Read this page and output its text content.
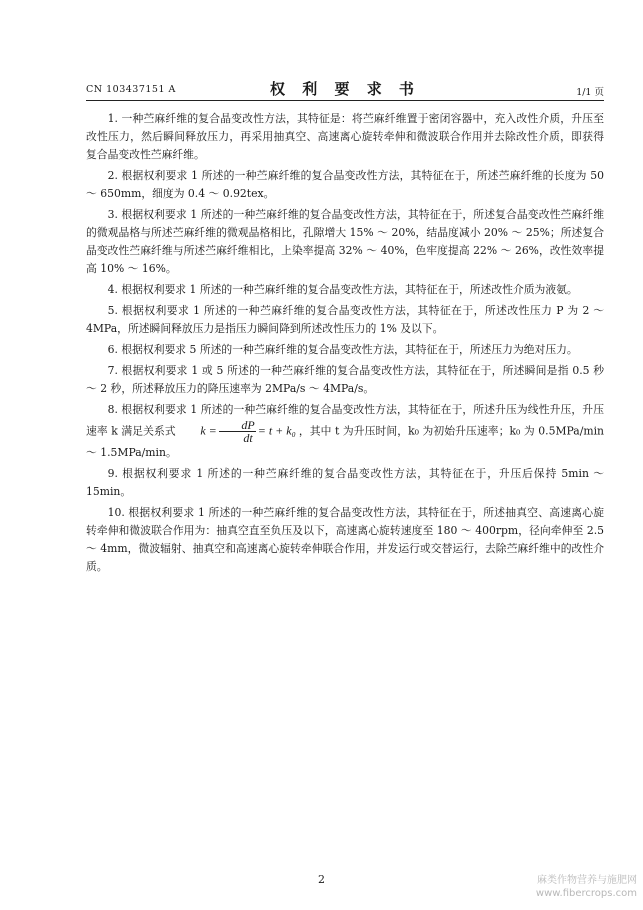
CN 103437151 A	权 利 要 求 书	1/1 页

1. 一种苎麻纤维的复合晶变改性方法，其特征是：将苎麻纤维置于密闭容器中，充入改性介质，升压至改性压力，然后瞬间释放压力，再采用抽真空、高速离心旋转牵伸和微波联合作用并去除改性介质，即获得复合晶变改性苎麻纤维。

2. 根据权利要求 1 所述的一种苎麻纤维的复合晶变改性方法，其特征在于，所述苎麻纤维的长度为 50 ～ 650mm，细度为 0.4 ～ 0.92tex。

3. 根据权利要求 1 所述的一种苎麻纤维的复合晶变改性方法，其特征在于，所述复合晶变改性苎麻纤维的微观晶格与所述苎麻纤维的微观晶格相比，孔隙增大 15% ～ 20%，结晶度减小 20% ～ 25%；所述复合晶变改性苎麻纤维与所述苎麻纤维相比，上染率提高 32% ～ 40%，色牢度提高 22% ～ 26%，改性效率提高 10% ～ 16%。

4. 根据权利要求 1 所述的一种苎麻纤维的复合晶变改性方法，其特征在于，所述改性介质为液氨。

5. 根据权利要求 1 所述的一种苎麻纤维的复合晶变改性方法，其特征在于，所述改性压力 P 为 2 ～ 4MPa，所述瞬间释放压力是指压力瞬间降到所述改性压力的 1% 及以下。

6. 根据权利要求 5 所述的一种苎麻纤维的复合晶变改性方法，其特征在于，所述压力为绝对压力。

7. 根据权利要求 1 或 5 所述的一种苎麻纤维的复合晶变改性方法，其特征在于，所述瞬间是指 0.5 秒～ 2 秒，所述释放压力的降压速率为 2MPa/s ～ 4MPa/s。

8. 根据权利要求 1 所述的一种苎麻纤维的复合晶变改性方法，其特征在于，所述升压为线性升压，升压速率 k 满足关系式 $k = \frac{dP}{dt} = t + k_0$ ，其中 t 为升压时间，k₀ 为初始升压速率；k₀ 为 0.5MPa/min ～ 1.5MPa/min。

9. 根据权利要求 1 所述的一种苎麻纤维的复合晶变改性方法，其特征在于，升压后保持 5min ～ 15min。

10. 根据权利要求 1 所述的一种苎麻纤维的复合晶变改性方法，其特征在于，所述抽真空、高速离心旋转牵伸和微波联合作用为：抽真空直至负压及以下，高速离心旋转速度至 180 ～ 400rpm，径向牵伸至 2.5 ～ 4mm，微波辐射、抽真空和高速离心旋转牵伸联合作用，并发运行或交替运行，去除苎麻纤维中的改性介质。

2	麻类作物营养与施肥网
www.fibercrops.com
